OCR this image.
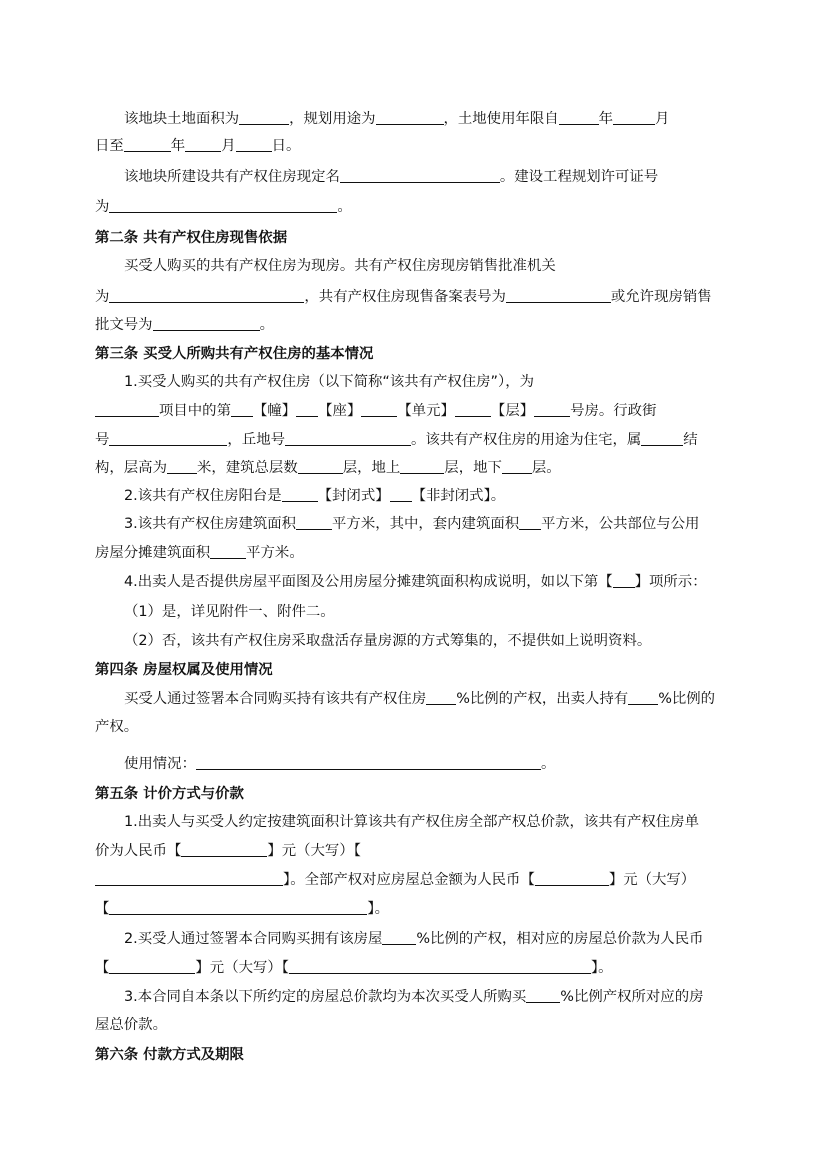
该地块土地面积为	，规划用途为	，土地使用年限自	年	月
日至	年	月	日。
该地块所建设共有产权住房现定名	。建设工程规划许可证号
为	。
第二条 共有产权住房现售依据
买受人购买的共有产权住房为现房。共有产权住房现房销售批准机关
为	，共有产权住房现售备案表号为	或允许现房销售
批文号为	。
第三条 买受人所购共有产权住房的基本情况
1.买受人购买的共有产权住房（以下简称“该共有产权住房”），为
项目中的第 【幢】 【座】	【单元】	【层】	号房。行政街
号	，丘地号	。该共有产权住房的用途为住宅，属	结
构，层高为 米，建筑总层数	层，地上	层，地下 层。
2.该共有产权住房阳台是	【封闭式】 【非封闭式】。
3.该共有产权住房建筑面积	平方米，其中，套内建筑面积 平方米，公共部位与公用
房屋分摊建筑面积	平方米。
4.出卖人是否提供房屋平面图及公用房屋分摊建筑面积构成说明，如以下第【 】项所示：
（1）是，详见附件一、附件二。
（2）否，该共有产权住房采取盘活存量房源的方式筹集的，不提供如上说明资料。
第四条 房屋权属及使用情况
买受人通过签署本合同购买持有该共有产权住房 %比例的产权，出卖人持有 %比例的
产权。
使用情况：	。
第五条 计价方式与价款
1.出卖人与买受人约定按建筑面积计算该共有产权住房全部产权总价款，该共有产权住房单
价为人民币【	】元（大写）【
】。全部产权对应房屋总金额为人民币【	】元（大写）
【	】。
2.买受人通过签署本合同购买拥有该房屋 %比例的产权，相对应的房屋总价款为人民币
【	】元（大写）【	】。
3.本合同自本条以下所约定的房屋总价款均为本次买受人所购买 %比例产权所对应的房
屋总价款。
第六条 付款方式及期限
